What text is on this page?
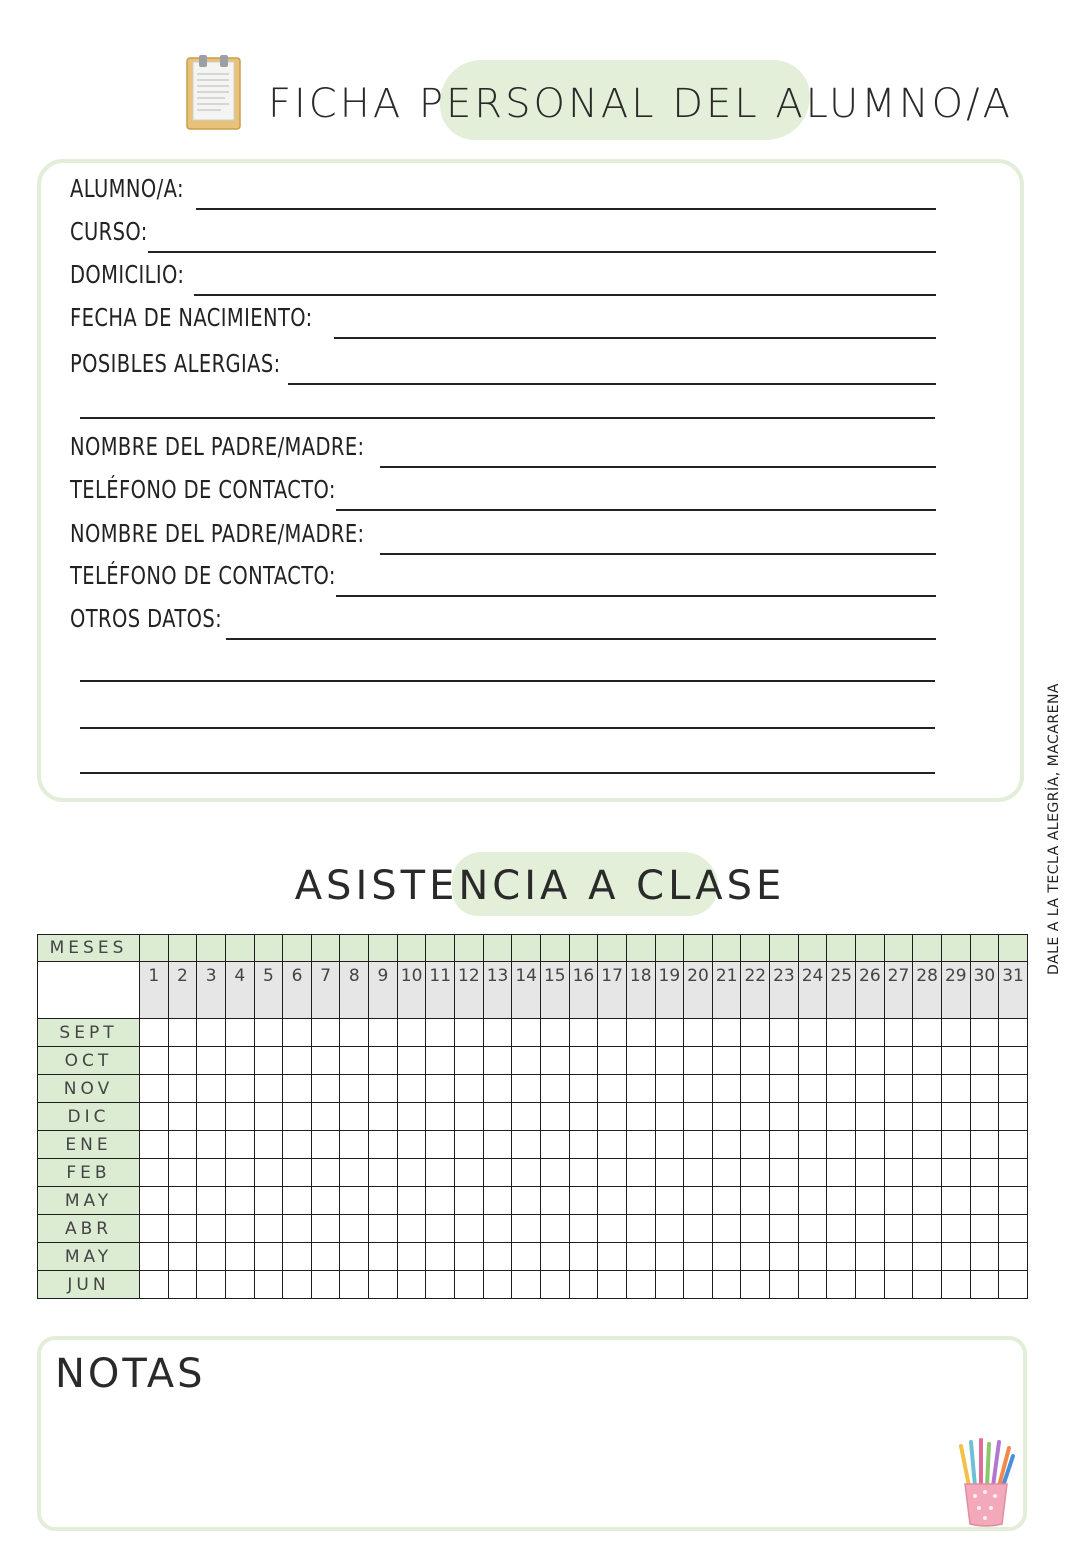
FICHA PERSONAL DEL ALUMNO/A
ALUMNO/A:
CURSO:
DOMICILIO:
FECHA DE NACIMIENTO:
POSIBLES ALERGIAS:
NOMBRE DEL PADRE/MADRE:
TELÉFONO DE CONTACTO:
NOMBRE DEL PADRE/MADRE:
TELÉFONO DE CONTACTO:
OTROS DATOS:
ASISTENCIA A CLASE
MESES																															
	1	2	3	4	5	6	7	8	9	10	11	12	13	14	15	16	17	18	19	20	21	22	23	24	25	26	27	28	29	30	31
SEPT																															
OCT																															
NOV																															
DIC																															
ENE																															
FEB																															
MAY																															
ABR																															
MAY																															
JUN																															
NOTAS
DALE A LA TECLA ALEGRÍA, MACARENA
